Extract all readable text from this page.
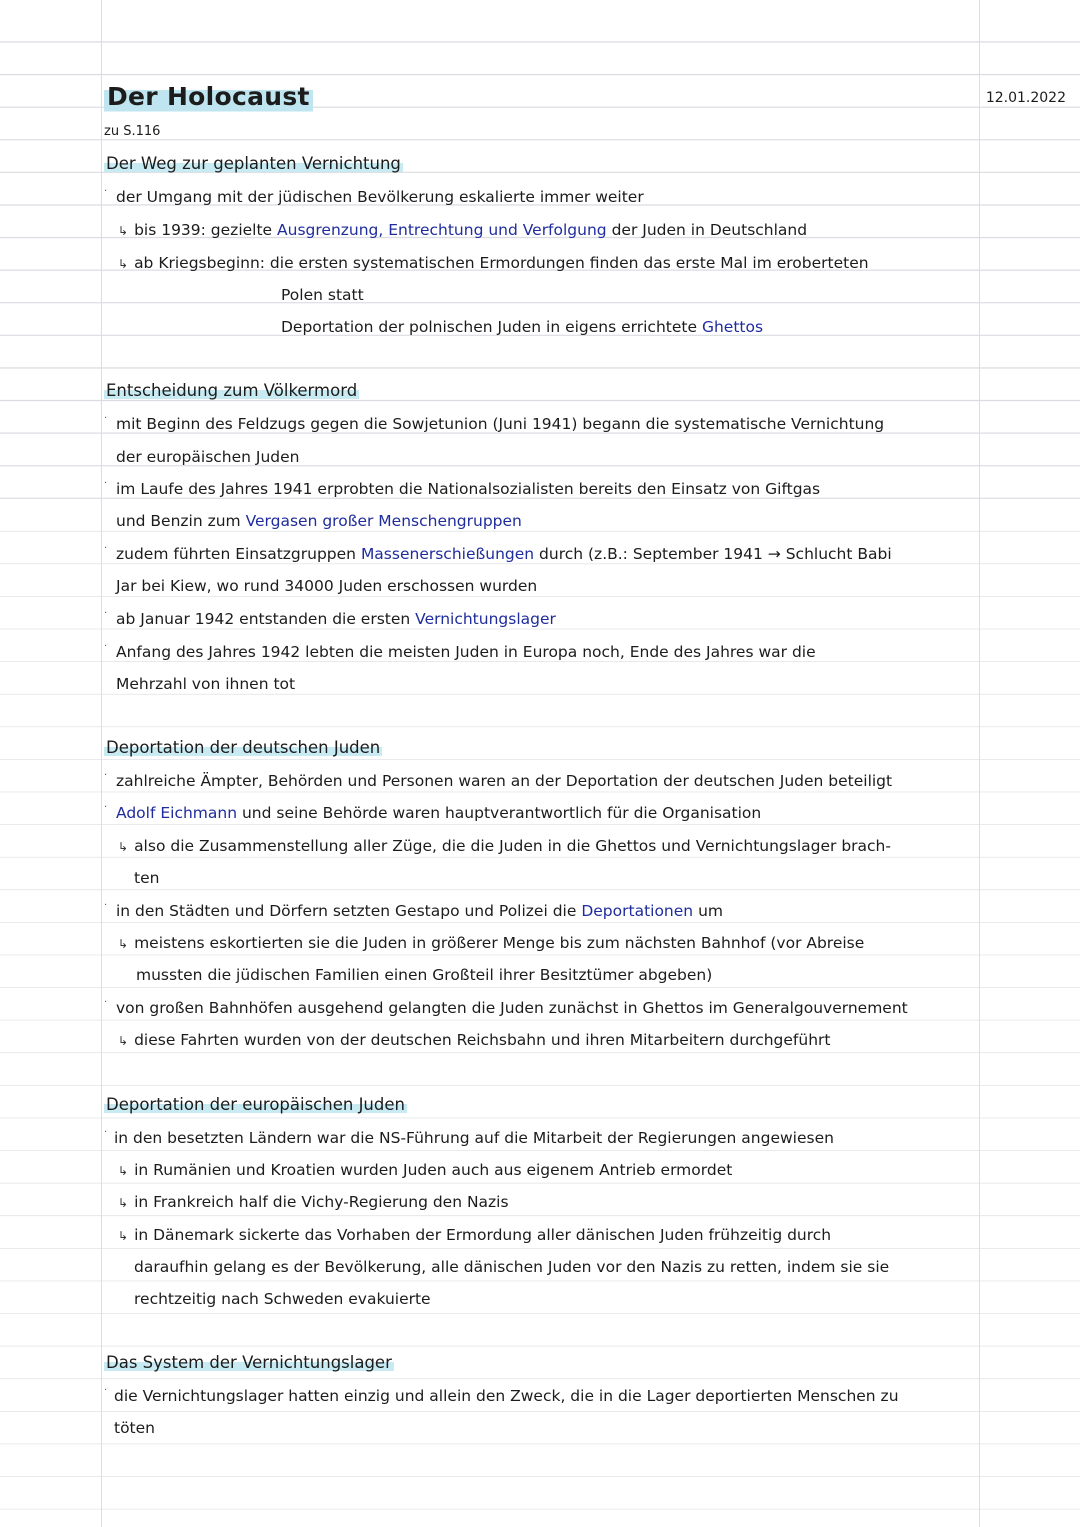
Der Holocaust	12.01.2022
zu S.116
Der Weg zur geplanten Vernichtung
· der Umgang mit der jüdischen Bevölkerung eskalierte immer weiter
↳ bis 1939: gezielte Ausgrenzung, Entrechtung und Verfolgung der Juden in Deutschland
↳ ab Kriegsbeginn: die ersten systematischen Ermordungen finden das erste Mal im eroberteten
Polen statt
Deportation der polnischen Juden in eigens errichtete Ghettos
Entscheidung zum Völkermord
· mit Beginn des Feldzugs gegen die Sowjetunion (Juni 1941) begann die systematische Vernichtung
der europäischen Juden
· im Laufe des Jahres 1941 erprobten die Nationalsozialisten bereits den Einsatz von Giftgas
und Benzin zum Vergasen großer Menschengruppen
· zudem führten Einsatzgruppen Massenerschießungen durch (z.B.: September 1941 → Schlucht Babi
Jar bei Kiew, wo rund 34000 Juden erschossen wurden
· ab Januar 1942 entstanden die ersten Vernichtungslager
· Anfang des Jahres 1942 lebten die meisten Juden in Europa noch, Ende des Jahres war die
Mehrzahl von ihnen tot
Deportation der deutschen Juden
· zahlreiche Ämpter, Behörden und Personen waren an der Deportation der deutschen Juden beteiligt
· Adolf Eichmann und seine Behörde waren hauptverantwortlich für die Organisation
↳ also die Zusammenstellung aller Züge, die die Juden in die Ghettos und Vernichtungslager brach-
ten
· in den Städten und Dörfern setzten Gestapo und Polizei die Deportationen um
↳ meistens eskortierten sie die Juden in größerer Menge bis zum nächsten Bahnhof (vor Abreise
mussten die jüdischen Familien einen Großteil ihrer Besitztümer abgeben)
· von großen Bahnhöfen ausgehend gelangten die Juden zunächst in Ghettos im Generalgouvernement
↳ diese Fahrten wurden von der deutschen Reichsbahn und ihren Mitarbeitern durchgeführt
Deportation der europäischen Juden
· in den besetzten Ländern war die NS-Führung auf die Mitarbeit der Regierungen angewiesen
↳ in Rumänien und Kroatien wurden Juden auch aus eigenem Antrieb ermordet
↳ in Frankreich half die Vichy-Regierung den Nazis
↳ in Dänemark sickerte das Vorhaben der Ermordung aller dänischen Juden frühzeitig durch
daraufhin gelang es der Bevölkerung, alle dänischen Juden vor den Nazis zu retten, indem sie sie
rechtzeitig nach Schweden evakuierte
Das System der Vernichtungslager
· die Vernichtungslager hatten einzig und allein den Zweck, die in die Lager deportierten Menschen zu
töten
